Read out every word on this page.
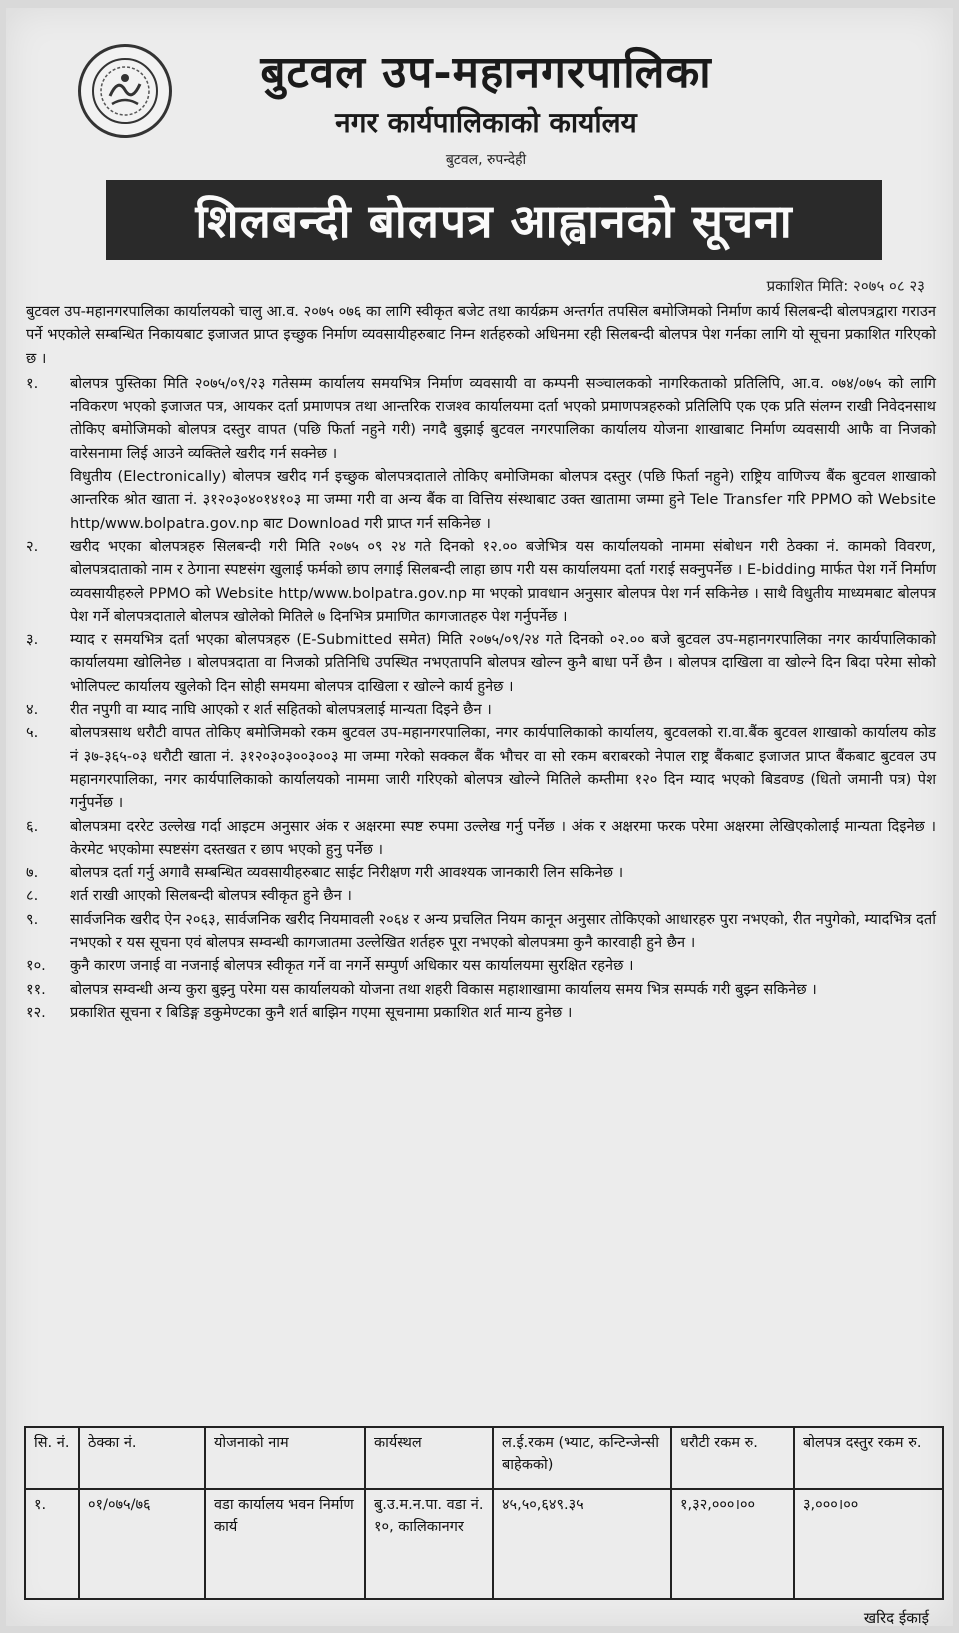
बुटवल उप-महानगरपालिका
नगर कार्यपालिकाको कार्यालय
बुटवल, रुपन्देही
शिलबन्दी बोलपत्र आह्वानको सूचना
प्रकाशित मिति: २०७५ ०८ २३

बुटवल उप-महानगरपालिका कार्यालयको चालु आ.व. २०७५ ०७६ का लागि स्वीकृत बजेट तथा कार्यक्रम अन्तर्गत तपसिल बमोजिमको निर्माण कार्य सिलबन्दी बोलपत्रद्वारा गराउन पर्ने भएकोले सम्बन्धित निकायबाट इजाजत प्राप्त इच्छुक निर्माण व्यवसायीहरुबाट निम्न शर्तहरुको अधिनमा रही सिलबन्दी बोलपत्र पेश गर्नका लागि यो सूचना प्रकाशित गरिएको छ ।

१.	बोलपत्र पुस्तिका मिति २०७५/०९/२३ गतेसम्म कार्यालय समयभित्र निर्माण व्यवसायी वा कम्पनी सञ्चालकको नागरिकताको प्रतिलिपि, आ.व. ०७४/०७५ को लागि नविकरण भएको इजाजत पत्र, आयकर दर्ता प्रमाणपत्र तथा आन्तरिक राजश्व कार्यालयमा दर्ता भएको प्रमाणपत्रहरुको प्रतिलिपि एक एक प्रति संलग्न राखी निवेदनसाथ तोकिए बमोजिमको बोलपत्र दस्तुर वापत (पछि फिर्ता नहुने गरी) नगदै बुझाई बुटवल नगरपालिका कार्यालय योजना शाखाबाट निर्माण व्यवसायी आफै वा निजको वारेसनामा लिई आउने व्यक्तिले खरीद गर्न सक्नेछ ।

विधुतीय (Electronically) बोलपत्र खरीद गर्न इच्छुक बोलपत्रदाताले तोकिए बमोजिमका बोलपत्र दस्तुर (पछि फिर्ता नहुने) राष्ट्रिय वाणिज्य बैंक बुटवल शाखाको आन्तरिक श्रोत खाता नं. ३१२०३०४०१४१०३ मा जम्मा गरी वा अन्य बैंक वा वित्तिय संस्थाबाट उक्त खातामा जम्मा हुने Tele Transfer गरि PPMO को Website http/www.bolpatra.gov.np बाट Download गरी प्राप्त गर्न सकिनेछ ।

२.	खरीद भएका बोलपत्रहरु सिलबन्दी गरी मिति २०७५ ०९ २४ गते दिनको १२.०० बजेभित्र यस कार्यालयको नाममा संबोधन गरी ठेक्का नं. कामको विवरण, बोलपत्रदाताको नाम र ठेगाना स्पष्टसंग खुलाई फर्मको छाप लगाई सिलबन्दी लाहा छाप गरी यस कार्यालयमा दर्ता गराई सक्नुपर्नेछ । E-bidding मार्फत पेश गर्ने निर्माण व्यवसायीहरुले PPMO को Website http/www.bolpatra.gov.np मा भएको प्रावधान अनुसार बोलपत्र पेश गर्न सकिनेछ । साथै विधुतीय माध्यमबाट बोलपत्र पेश गर्ने बोलपत्रदाताले बोलपत्र खोलेको मितिले ७ दिनभित्र प्रमाणित कागजातहरु पेश गर्नुपर्नेछ ।

३.	म्याद र समयभित्र दर्ता भएका बोलपत्रहरु (E-Submitted समेत) मिति २०७५/०९/२४ गते दिनको ०२.०० बजे बुटवल उप-महानगरपालिका नगर कार्यपालिकाको कार्यालयमा खोलिनेछ । बोलपत्रदाता वा निजको प्रतिनिधि उपस्थित नभएतापनि बोलपत्र खोल्न कुनै बाधा पर्ने छैन । बोलपत्र दाखिला वा खोल्ने दिन बिदा परेमा सोको भोलिपल्ट कार्यालय खुलेको दिन सोही समयमा बोलपत्र दाखिला र खोल्ने कार्य हुनेछ ।

४.	रीत नपुगी वा म्याद नाघि आएको र शर्त सहितको बोलपत्रलाई मान्यता दिइने छैन ।

५.	बोलपत्रसाथ धरौटी वापत तोकिए बमोजिमको रकम बुटवल उप-महानगरपालिका, नगर कार्यपालिकाको कार्यालय, बुटवलको रा.वा.बैंक बुटवल शाखाको कार्यालय कोड नं ३७-३६५-०३ धरौटी खाता नं. ३१२०३०३००३००३ मा जम्मा गरेको सक्कल बैंक भौचर वा सो रकम बराबरको नेपाल राष्ट्र बैंकबाट इजाजत प्राप्त बैंकबाट बुटवल उप महानगरपालिका, नगर कार्यपालिकाको कार्यालयको नाममा जारी गरिएको बोलपत्र खोल्ने मितिले कम्तीमा १२० दिन म्याद भएको बिडवण्ड (धितो जमानी पत्र) पेश गर्नुपर्नेछ ।

६.	बोलपत्रमा दररेट उल्लेख गर्दा आइटम अनुसार अंक र अक्षरमा स्पष्ट रुपमा उल्लेख गर्नु पर्नेछ । अंक र अक्षरमा फरक परेमा अक्षरमा लेखिएकोलाई मान्यता दिइनेछ । केरमेट भएकोमा स्पष्टसंग दस्तखत र छाप भएको हुनु पर्नेछ ।

७.	बोलपत्र दर्ता गर्नु अगावै सम्बन्धित व्यवसायीहरुबाट साईट निरीक्षण गरी आवश्यक जानकारी लिन सकिनेछ ।

८.	शर्त राखी आएको सिलबन्दी बोलपत्र स्वीकृत हुने छैन ।

९.	सार्वजनिक खरीद ऐन २०६३, सार्वजनिक खरीद नियमावली २०६४ र अन्य प्रचलित नियम कानून अनुसार तोकिएको आधारहरु पुरा नभएको, रीत नपुगेको, म्यादभित्र दर्ता नभएको र यस सूचना एवं बोलपत्र सम्वन्धी कागजातमा उल्लेखित शर्तहरु पूरा नभएको बोलपत्रमा कुनै कारवाही हुने छैन ।

१०.	कुनै कारण जनाई वा नजनाई बोलपत्र स्वीकृत गर्ने वा नगर्ने सम्पुर्ण अधिकार यस कार्यालयमा सुरक्षित रहनेछ ।

११.	बोलपत्र सम्वन्धी अन्य कुरा बुझ्नु परेमा यस कार्यालयको योजना तथा शहरी विकास महाशाखामा कार्यालय समय भित्र सम्पर्क गरी बुझ्न सकिनेछ ।

१२.	प्रकाशित सूचना र बिडिङ्ग डकुमेण्टका कुनै शर्त बाझिन गएमा सूचनामा प्रकाशित शर्त मान्य हुनेछ ।

सि. नं.	ठेक्का नं.	योजनाको नाम	कार्यस्थल	ल.ई.रकम (भ्याट, कन्टिन्जेन्सी बाहेकको)	धरौटी रकम रु.	बोलपत्र दस्तुर रकम रु.
१.	०१/०७५/७६	वडा कार्यालय भवन निर्माण कार्य	बु.उ.म.न.पा. वडा नं. १०, कालिकानगर	४५,५०,६४९.३५	१,३२,०००।००	३,०००।००
खरिद ईकाई
